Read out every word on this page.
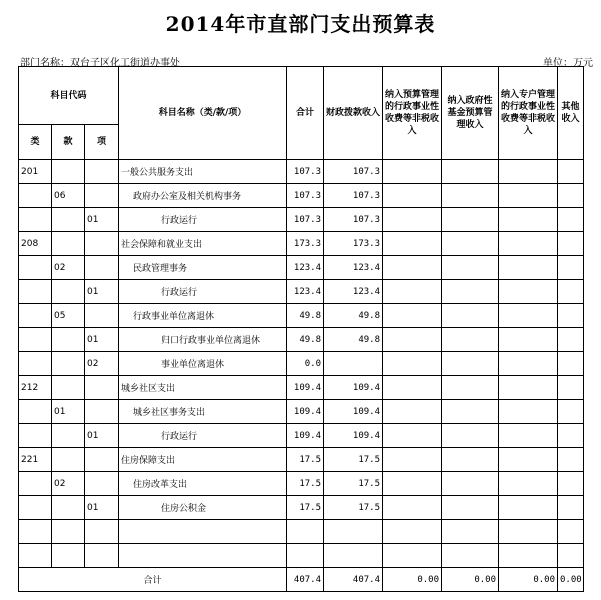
2014年市直部门支出预算表
部门名称：双台子区化工街道办事处	单位：万元
科目代码			科目名称（类/款/项）	合计	财政拨款收入	纳入预算管理的行政事业性收费等非税收入	纳入政府性基金预算管理收入	纳入专户管理的行政事业性收费等非税收入	其他收入
类	款	项							
201			一般公共服务支出	107.3	107.3				
	06		政府办公室及相关机构事务	107.3	107.3				
		01	行政运行	107.3	107.3				
208			社会保障和就业支出	173.3	173.3				
	02		民政管理事务	123.4	123.4				
		01	行政运行	123.4	123.4				
	05		行政事业单位离退休	49.8	49.8				
		01	归口行政事业单位离退休	49.8	49.8				
		02	事业单位离退休	0.0					
212			城乡社区支出	109.4	109.4				
	01		城乡社区事务支出	109.4	109.4				
		01	行政运行	109.4	109.4				
221			住房保障支出	17.5	17.5				
	02		住房改革支出	17.5	17.5				
		01	住房公积金	17.5	17.5				

合计				407.4	407.4	0.00	0.00	0.00	0.00
